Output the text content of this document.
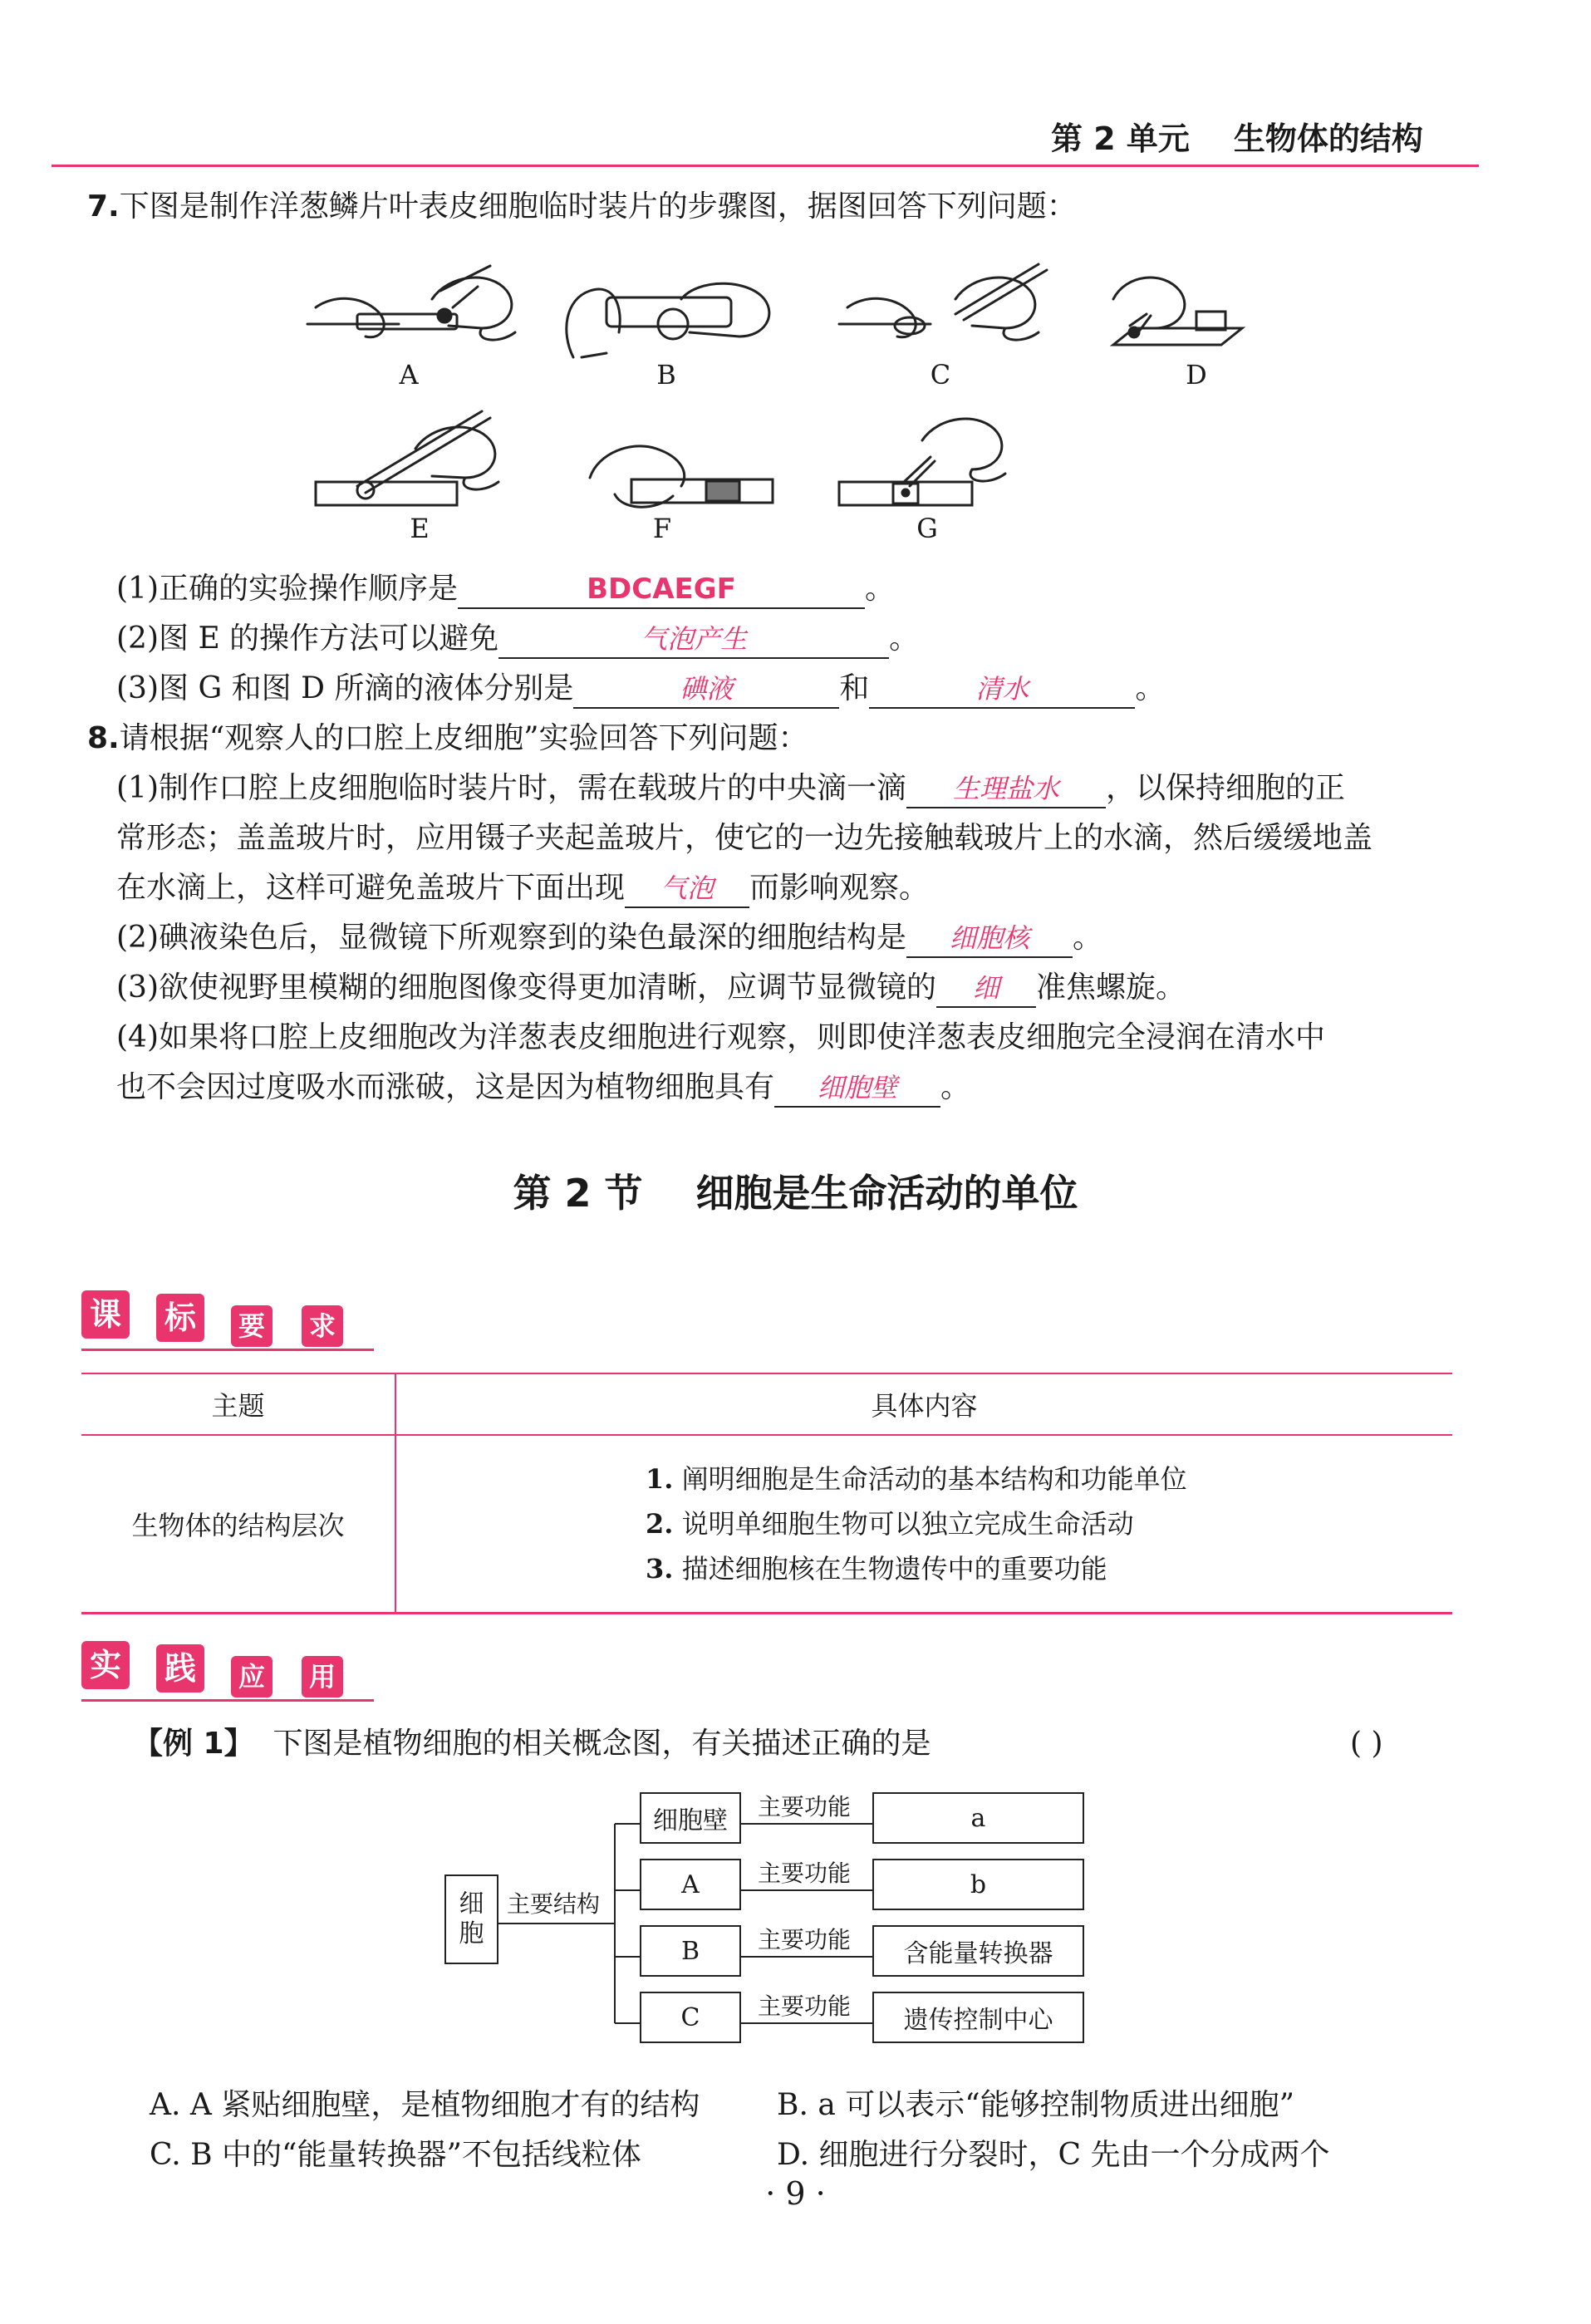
第 2 单元    生物体的结构
7.下图是制作洋葱鳞片叶表皮细胞临时装片的步骤图，据图回答下列问题：
A	B	C	D
E	F	G
(1)正确的实验操作顺序是	BDCAEGF	。
(2)图 E 的操作方法可以避免	气泡产生	。
(3)图 G 和图 D 所滴的液体分别是	碘液	和	清水	。
8.请根据“观察人的口腔上皮细胞”实验回答下列问题：
(1)制作口腔上皮细胞临时装片时，需在载玻片的中央滴一滴 生理盐水 ，以保持细胞的正
常形态；盖盖玻片时，应用镊子夹起盖玻片，使它的一边先接触载玻片上的水滴，然后缓缓地盖
在水滴上，这样可避免盖玻片下面出现 气泡 而影响观察。
(2)碘液染色后，显微镜下所观察到的染色最深的细胞结构是 细胞核 。
(3)欲使视野里模糊的细胞图像变得更加清晰，应调节显微镜的 细 准焦螺旋。
(4)如果将口腔上皮细胞改为洋葱表皮细胞进行观察，则即使洋葱表皮细胞完全浸润在清水中
也不会因过度吸水而涨破，这是因为植物细胞具有 细胞壁 。
第 2 节    细胞是生命活动的单位
课 标	要 求
主题	具体内容
生物体的结构层次	1. 阐明细胞是生命活动的基本结构和功能单位
2. 说明单细胞生物可以独立完成生命活动
3. 描述细胞核在生物遗传中的重要功能
实 践	应 用
【例 1】 下图是植物细胞的相关概念图，有关描述正确的是	( )
细
胞
主要结构
细胞壁
A
B
C
主要功能
主要功能
主要功能
主要功能
a
b
含能量转换器
遗传控制中心
A. A 紧贴细胞壁，是植物细胞才有的结构	B. a 可以表示“能够控制物质进出细胞”
C. B 中的“能量转换器”不包括线粒体	D. 细胞进行分裂时，C 先由一个分成两个
· 9 ·
